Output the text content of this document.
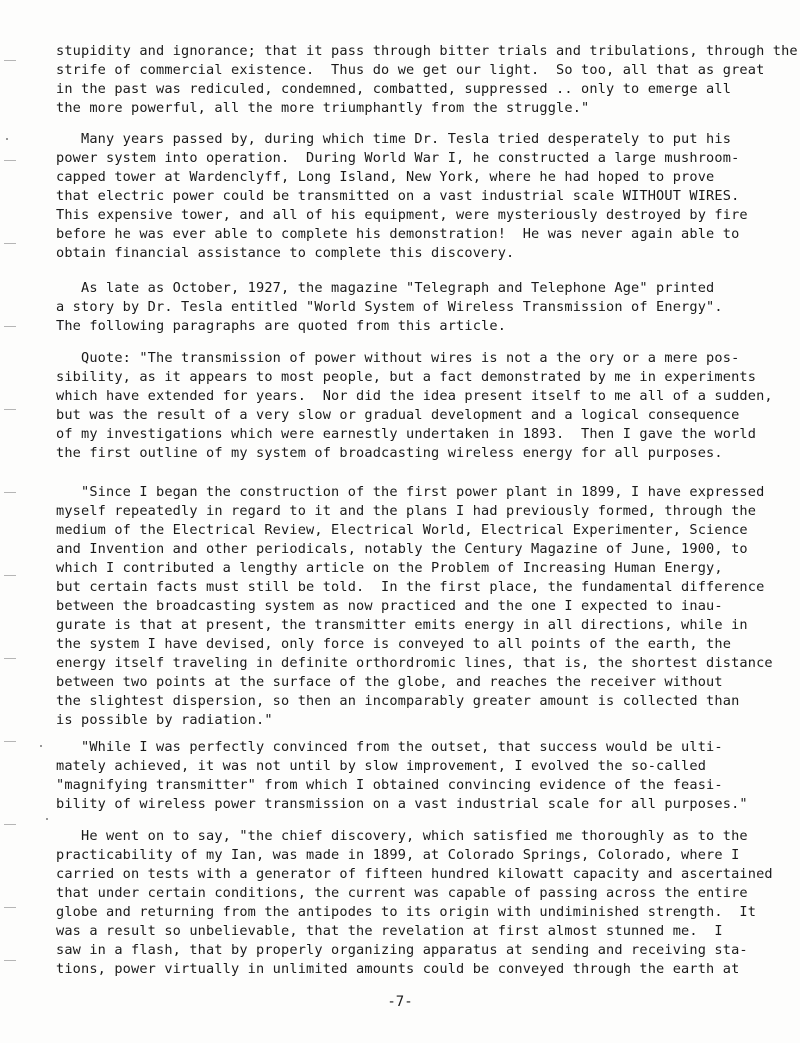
stupidity and ignorance; that it pass through bitter trials and tribulations, through the
strife of commercial existence.  Thus do we get our light.  So too, all that as great
in the past was rediculed, condemned, combatted, suppressed .. only to emerge all
the more powerful, all the more triumphantly from the struggle."
Many years passed by, during which time Dr. Tesla tried desperately to put his
power system into operation.  During World War I, he constructed a large mushroom-
capped tower at Wardenclyff, Long Island, New York, where he had hoped to prove
that electric power could be transmitted on a vast industrial scale WITHOUT WIRES.
This expensive tower, and all of his equipment, were mysteriously destroyed by fire
before he was ever able to complete his demonstration!  He was never again able to
obtain financial assistance to complete this discovery.
As late as October, 1927, the magazine "Telegraph and Telephone Age" printed
a story by Dr. Tesla entitled "World System of Wireless Transmission of Energy".
The following paragraphs are quoted from this article.
Quote: "The transmission of power without wires is not a the ory or a mere pos-
sibility, as it appears to most people, but a fact demonstrated by me in experiments
which have extended for years.  Nor did the idea present itself to me all of a sudden,
but was the result of a very slow or gradual development and a logical consequence
of my investigations which were earnestly undertaken in 1893.  Then I gave the world
the first outline of my system of broadcasting wireless energy for all purposes.
"Since I began the construction of the first power plant in 1899, I have expressed
myself repeatedly in regard to it and the plans I had previously formed, through the
medium of the Electrical Review, Electrical World, Electrical Experimenter, Science
and Invention and other periodicals, notably the Century Magazine of June, 1900, to
which I contributed a lengthy article on the Problem of Increasing Human Energy,
but certain facts must still be told.  In the first place, the fundamental difference
between the broadcasting system as now practiced and the one I expected to inau-
gurate is that at present, the transmitter emits energy in all directions, while in
the system I have devised, only force is conveyed to all points of the earth, the
energy itself traveling in definite orthordromic lines, that is, the shortest distance
between two points at the surface of the globe, and reaches the receiver without
the slightest dispersion, so then an incomparably greater amount is collected than
is possible by radiation."
"While I was perfectly convinced from the outset, that success would be ulti-
mately achieved, it was not until by slow improvement, I evolved the so-called
"magnifying transmitter" from which I obtained convincing evidence of the feasi-
bility of wireless power transmission on a vast industrial scale for all purposes."
He went on to say, "the chief discovery, which satisfied me thoroughly as to the
practicability of my Ian, was made in 1899, at Colorado Springs, Colorado, where I
carried on tests with a generator of fifteen hundred kilowatt capacity and ascertained
that under certain conditions, the current was capable of passing across the entire
globe and returning from the antipodes to its origin with undiminished strength.  It
was a result so unbelievable, that the revelation at first almost stunned me.  I
saw in a flash, that by properly organizing apparatus at sending and receiving sta-
tions, power virtually in unlimited amounts could be conveyed through the earth at
-7-
